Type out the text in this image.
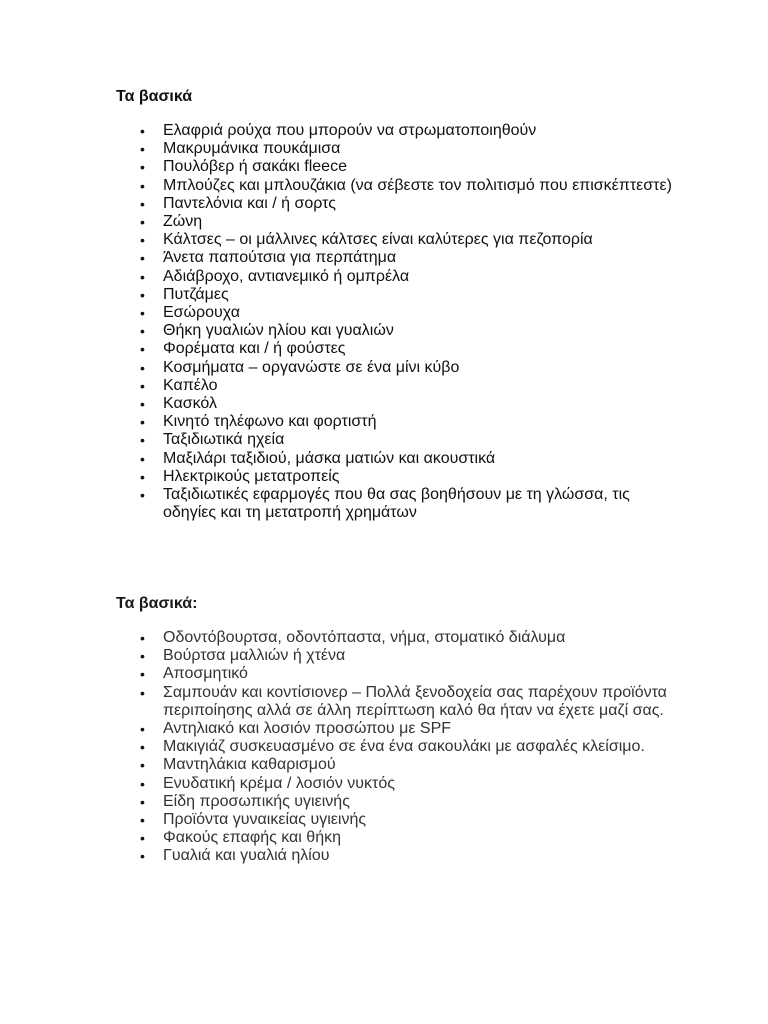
Τα βασικά
• Ελαφριά ρούχα που μπορούν να στρωματοποιηθούν
• Μακρυμάνικα πουκάμισα
• Πουλόβερ ή σακάκι fleece
• Μπλούζες και μπλουζάκια (να σέβεστε τον πολιτισμό που επισκέπτεστε)
• Παντελόνια και / ή σορτς
• Ζώνη
• Κάλτσες – οι μάλλινες κάλτσες είναι καλύτερες για πεζοπορία
• Άνετα παπούτσια για περπάτημα
• Αδιάβροχο, αντιανεμικό ή ομπρέλα
• Πυτζάμες
• Εσώρουχα
• Θήκη γυαλιών ηλίου και γυαλιών
• Φορέματα και / ή φούστες
• Κοσμήματα – οργανώστε σε ένα μίνι κύβο
• Καπέλο
• Κασκόλ
• Κινητό τηλέφωνο και φορτιστή
• Ταξιδιωτικά ηχεία
• Μαξιλάρι ταξιδιού, μάσκα ματιών και ακουστικά
• Ηλεκτρικούς μετατροπείς
• Ταξιδιωτικές εφαρμογές που θα σας βοηθήσουν με τη γλώσσα, τις οδηγίες και τη μετατροπή χρημάτων
Τα βασικά:
• Οδοντόβουρτσα, οδοντόπαστα, νήμα, στοματικό διάλυμα
• Βούρτσα μαλλιών ή χτένα
• Αποσμητικό
• Σαμπουάν και κοντίσιονερ – Πολλά ξενοδοχεία σας παρέχουν προϊόντα περιποίησης αλλά σε άλλη περίπτωση καλό θα ήταν να έχετε μαζί σας.
• Αντηλιακό και λοσιόν προσώπου με SPF
• Μακιγιάζ συσκευασμένο σε ένα ένα σακουλάκι με ασφαλές κλείσιμο.
• Μαντηλάκια καθαρισμού
• Ενυδατική κρέμα / λοσιόν νυκτός
• Είδη προσωπικής υγιεινής
• Προϊόντα γυναικείας υγιεινής
• Φακούς επαφής και θήκη
• Γυαλιά και γυαλιά ηλίου
